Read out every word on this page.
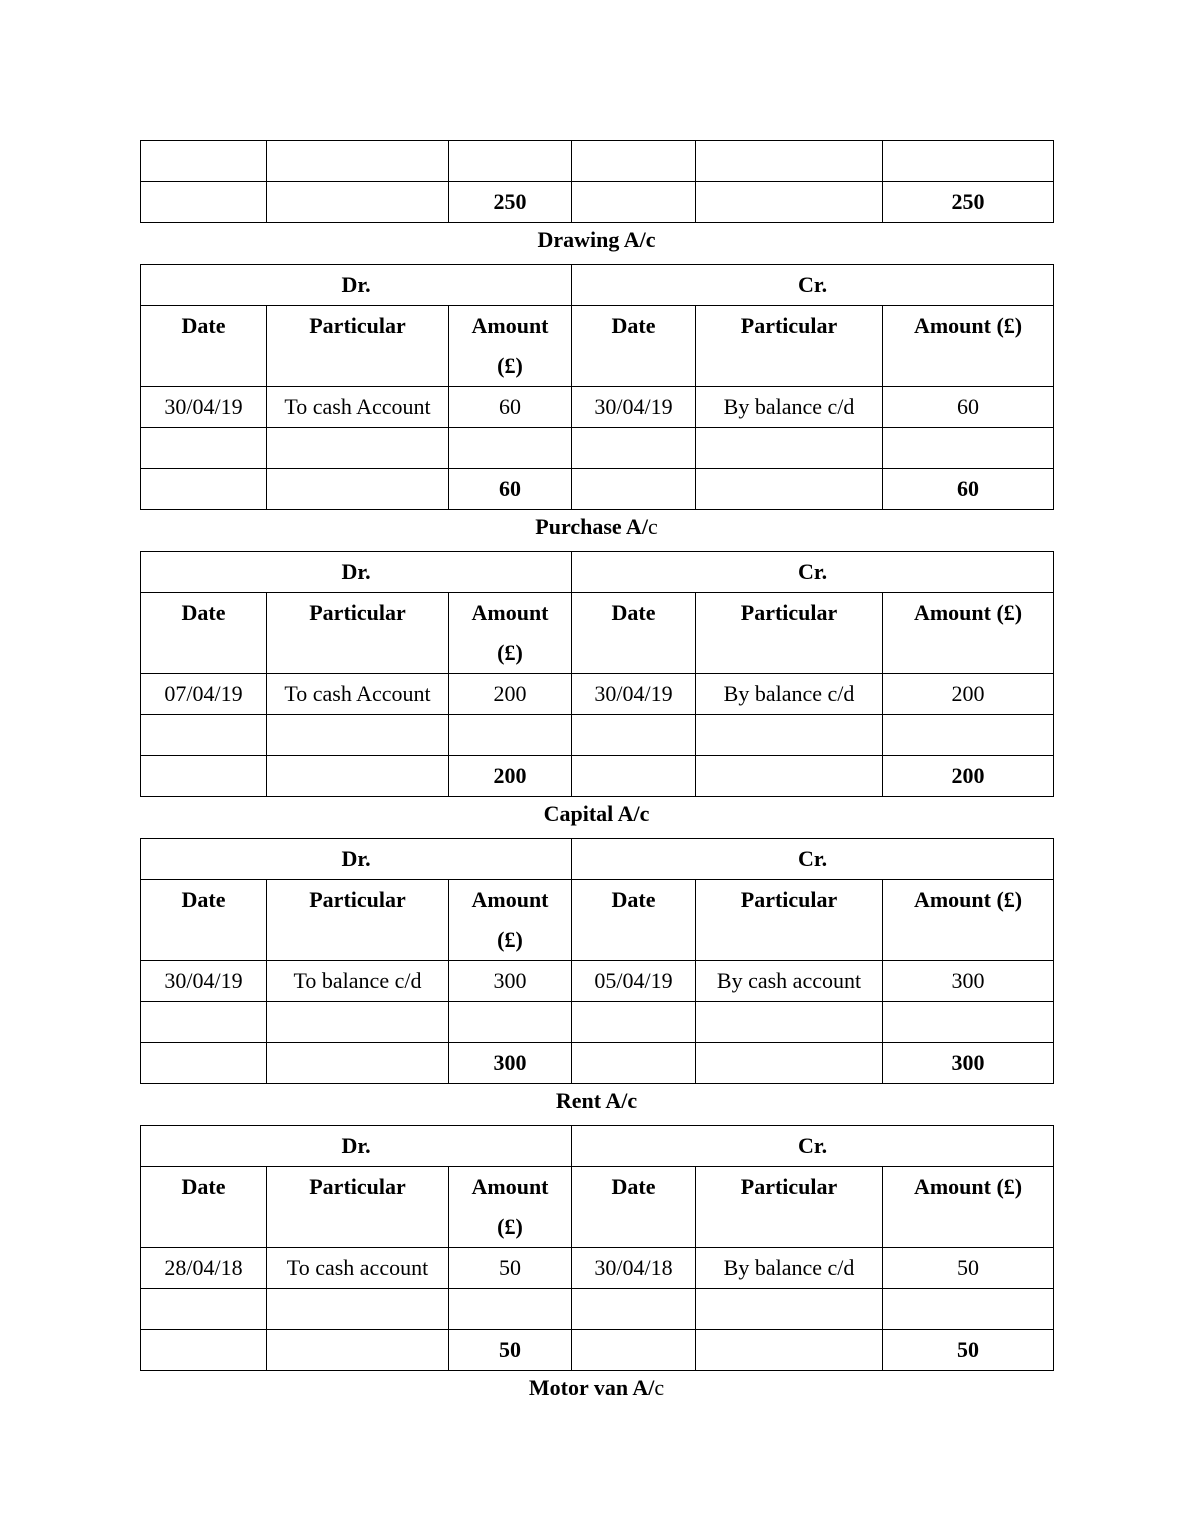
		250			250
Drawing A/c
Dr.			Cr.		
Date	Particular	Amount (£)	Date	Particular	Amount (£)
30/04/19	To cash Account	60	30/04/19	By balance c/d	60

		60			60
Purchase A/c
Dr.			Cr.		
Date	Particular	Amount (£)	Date	Particular	Amount (£)
07/04/19	To cash Account	200	30/04/19	By balance c/d	200

		200			200
Capital A/c
Dr.			Cr.		
Date	Particular	Amount (£)	Date	Particular	Amount (£)
30/04/19	To balance c/d	300	05/04/19	By cash account	300

		300			300
Rent A/c
Dr.			Cr.		
Date	Particular	Amount (£)	Date	Particular	Amount (£)
28/04/18	To cash account	50	30/04/18	By balance c/d	50

		50			50
Motor van A/c
